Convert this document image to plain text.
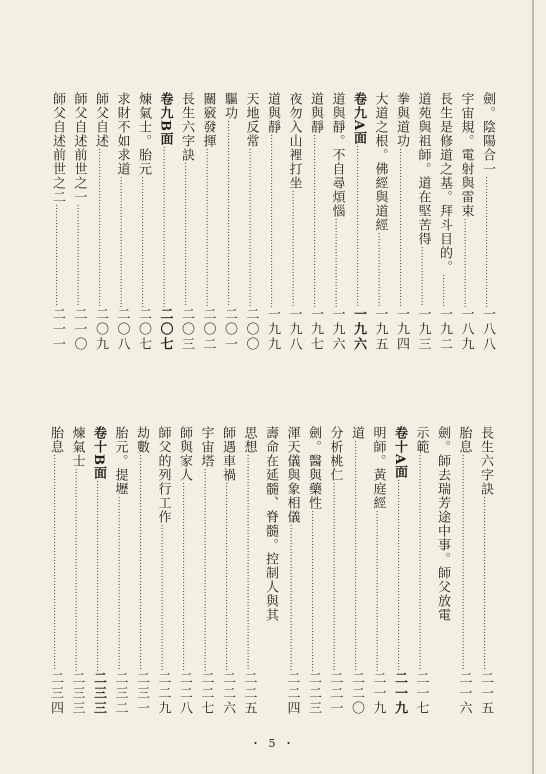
劍。陰陽合一
……………………………………………………………………………………………………………………………………………………………
一八八
宇宙規。電射與雷束
……………………………………………………………………………………………………………………………………………………………
一八九
長生是修道之基。拜斗目的。
……………………………………………………………………………………………………………………………………………………………
一九二
道苑與祖師。道在堅苦得
……………………………………………………………………………………………………………………………………………………………
一九三
拳與道功
……………………………………………………………………………………………………………………………………………………………
一九四
大道之根。佛經與道經
……………………………………………………………………………………………………………………………………………………………
一九五
卷九A面
……………………………………………………………………………………………………………………………………………………………
一九六
道與靜。不自尋煩惱
……………………………………………………………………………………………………………………………………………………………
一九六
道與靜
……………………………………………………………………………………………………………………………………………………………
一九七
夜勿入山裡打坐
……………………………………………………………………………………………………………………………………………………………
一九八
道與靜
……………………………………………………………………………………………………………………………………………………………
一九九
天地反常
……………………………………………………………………………………………………………………………………………………………
二〇〇
驅功
……………………………………………………………………………………………………………………………………………………………
二〇一
關竅發揮
……………………………………………………………………………………………………………………………………………………………
二〇二
長生六字訣
……………………………………………………………………………………………………………………………………………………………
二〇三
卷九B面
……………………………………………………………………………………………………………………………………………………………
二〇七
煉氣士。胎元
……………………………………………………………………………………………………………………………………………………………
二〇七
求財不如求道
……………………………………………………………………………………………………………………………………………………………
二〇八
師父自述
……………………………………………………………………………………………………………………………………………………………
二〇九
師父自述前世之一
……………………………………………………………………………………………………………………………………………………………
二一〇
師父自述前世之二
……………………………………………………………………………………………………………………………………………………………
二一一
長生六字訣
……………………………………………………………………………………………………………………………………………………………
二一五
胎息
……………………………………………………………………………………………………………………………………………………………
二一六
劍。師去瑞芳途中事。師父放電
示範
……………………………………………………………………………………………………………………………………………………………
二一七
卷十A面
……………………………………………………………………………………………………………………………………………………………
二一九
明師。黃庭經
……………………………………………………………………………………………………………………………………………………………
二一九
道
……………………………………………………………………………………………………………………………………………………………
二二〇
分析桃仁
……………………………………………………………………………………………………………………………………………………………
二二一
劍。醫與藥性
……………………………………………………………………………………………………………………………………………………………
二二三
渾天儀與象相儀
……………………………………………………………………………………………………………………………………………………………
二二四
壽命在延髓、脊髓。控制人與其
思想
……………………………………………………………………………………………………………………………………………………………
二二五
師遇車禍
……………………………………………………………………………………………………………………………………………………………
二二六
宇宙塔
……………………………………………………………………………………………………………………………………………………………
二二七
師與家人
……………………………………………………………………………………………………………………………………………………………
二二八
師父的列行工作
……………………………………………………………………………………………………………………………………………………………
二二九
劫數
……………………………………………………………………………………………………………………………………………………………
二三一
胎元。提壢
……………………………………………………………………………………………………………………………………………………………
二三二
卷十B面
……………………………………………………………………………………………………………………………………………………………
二三三
煉氣士
……………………………………………………………………………………………………………………………………………………………
二三三
胎息
……………………………………………………………………………………………………………………………………………………………
二三四
・ 5 ・
